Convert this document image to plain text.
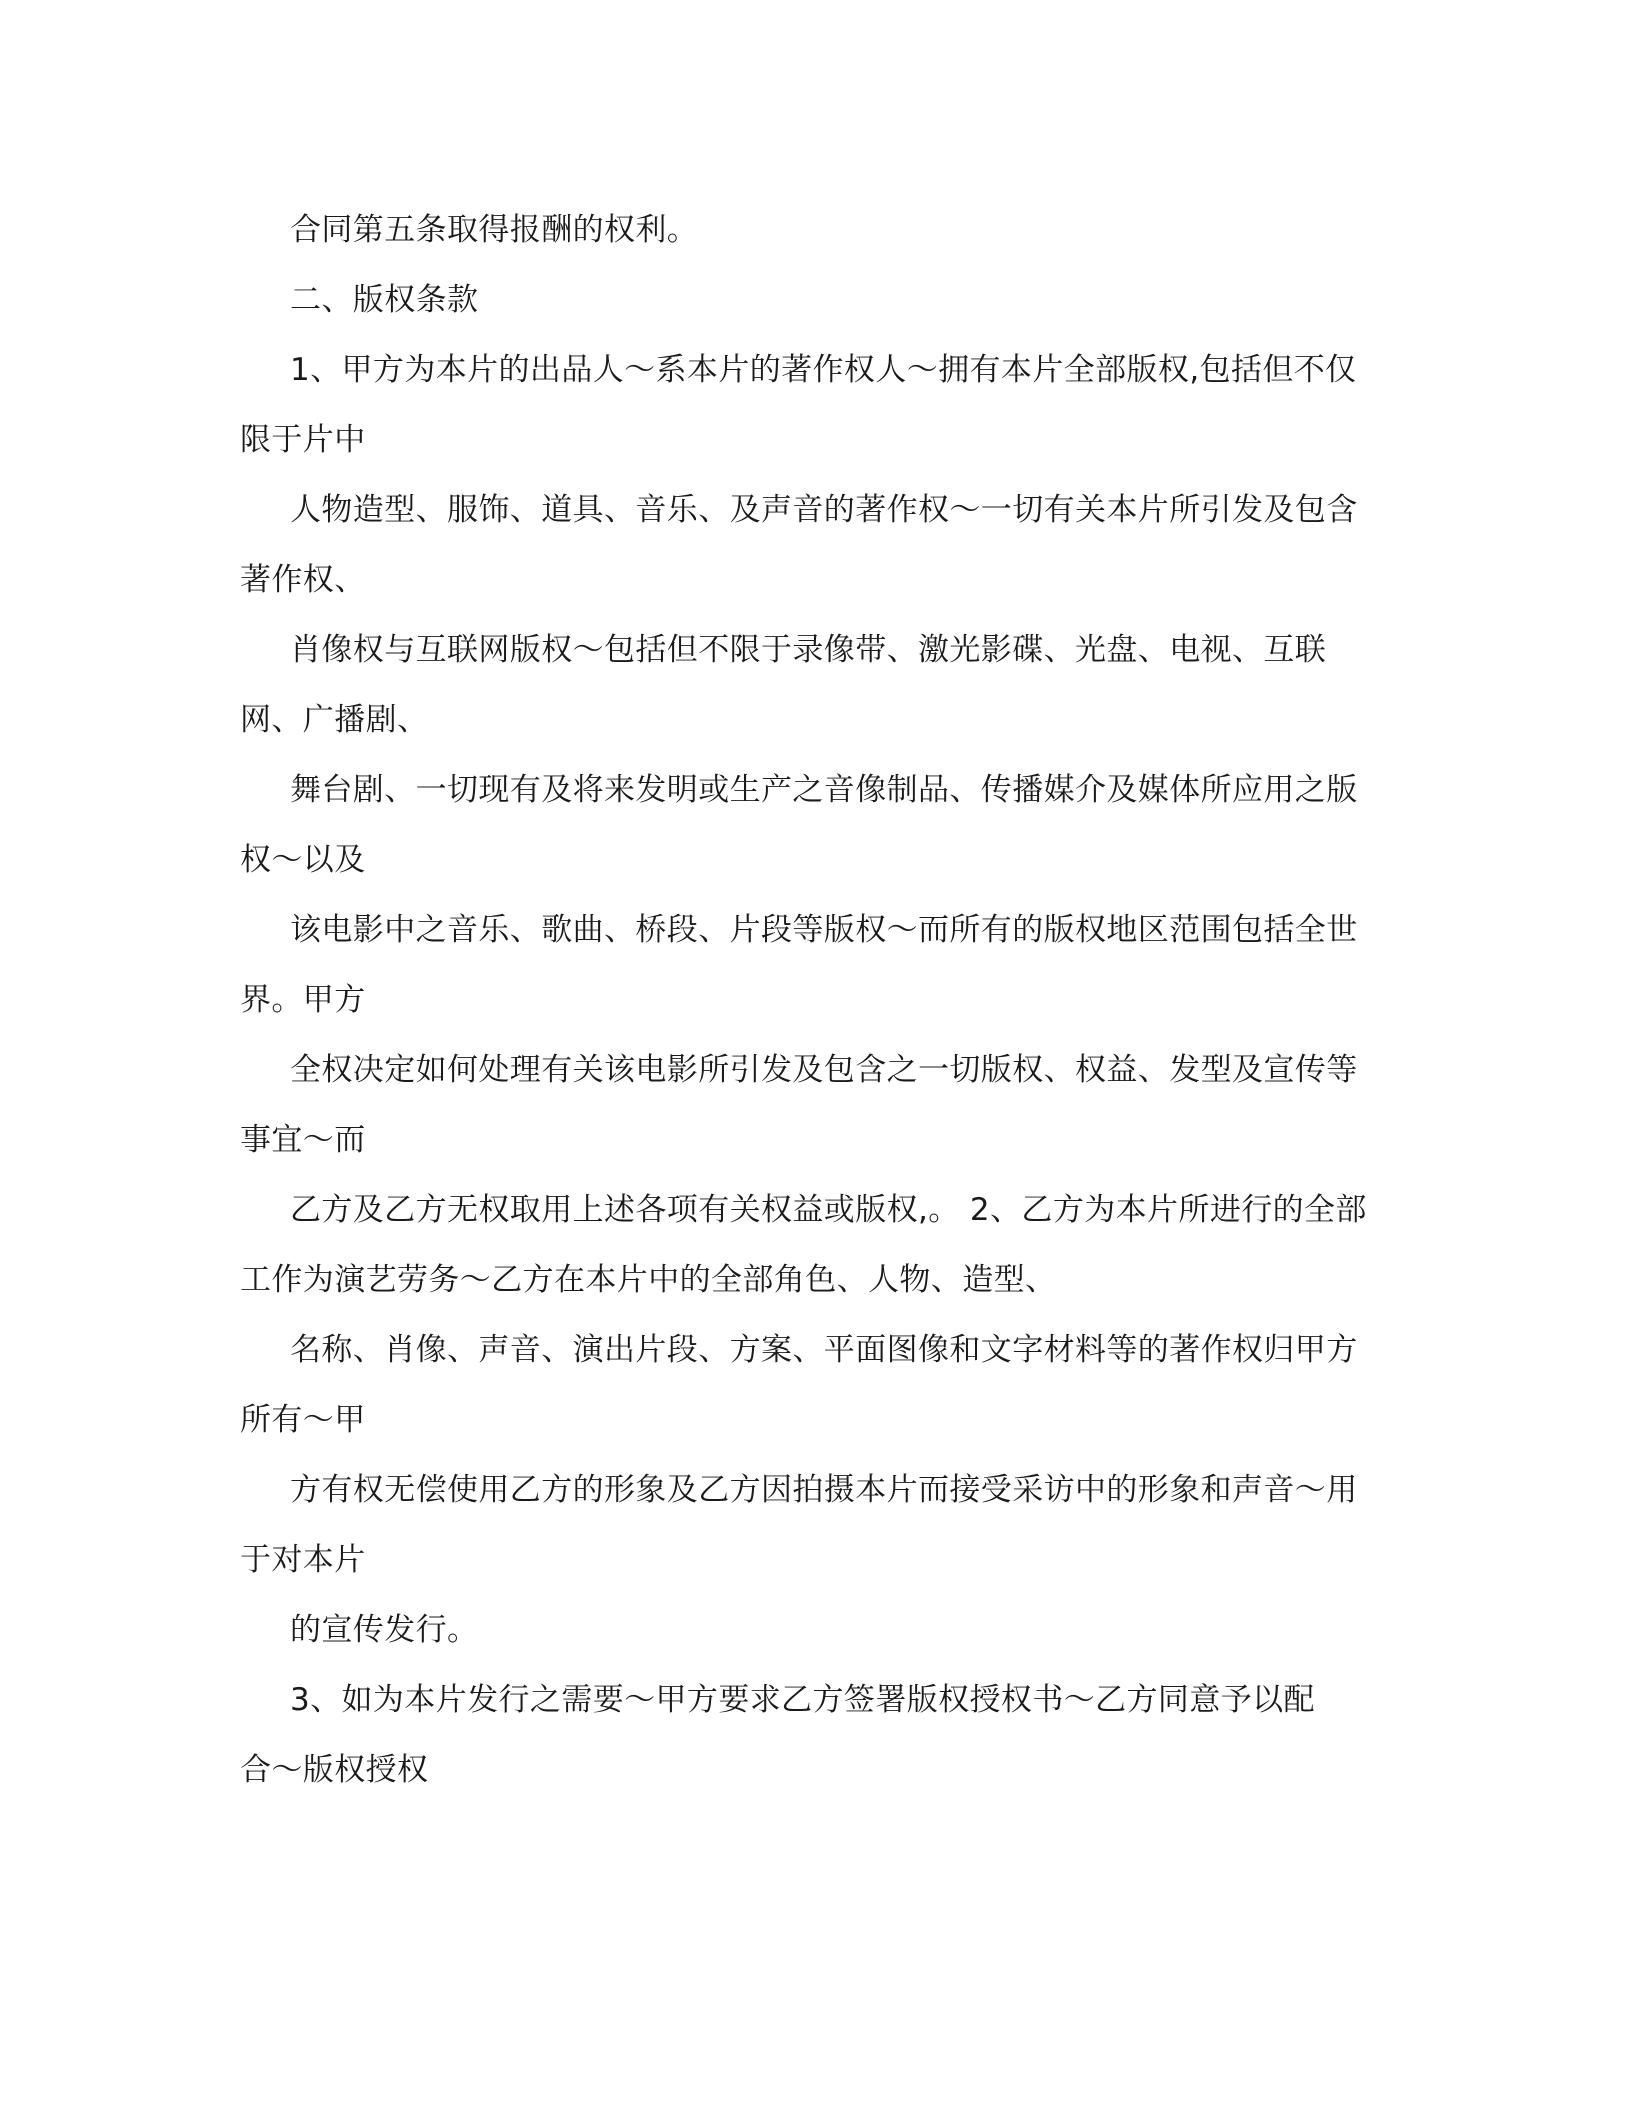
合同第五条取得报酬的权利。
二、版权条款
1、甲方为本片的出品人～系本片的著作权人～拥有本片全部版权,包括但不仅
限于片中
人物造型、服饰、道具、音乐、及声音的著作权～一切有关本片所引发及包含
著作权、
肖像权与互联网版权～包括但不限于录像带、激光影碟、光盘、电视、互联
网、广播剧、
舞台剧、一切现有及将来发明或生产之音像制品、传播媒介及媒体所应用之版
权～以及
该电影中之音乐、歌曲、桥段、片段等版权～而所有的版权地区范围包括全世
界。甲方
全权决定如何处理有关该电影所引发及包含之一切版权、权益、发型及宣传等
事宜～而
乙方及乙方无权取用上述各项有关权益或版权,。 2、乙方为本片所进行的全部
工作为演艺劳务～乙方在本片中的全部角色、人物、造型、
名称、肖像、声音、演出片段、方案、平面图像和文字材料等的著作权归甲方
所有～甲
方有权无偿使用乙方的形象及乙方因拍摄本片而接受采访中的形象和声音～用
于对本片
的宣传发行。
3、如为本片发行之需要～甲方要求乙方签署版权授权书～乙方同意予以配
合～版权授权
